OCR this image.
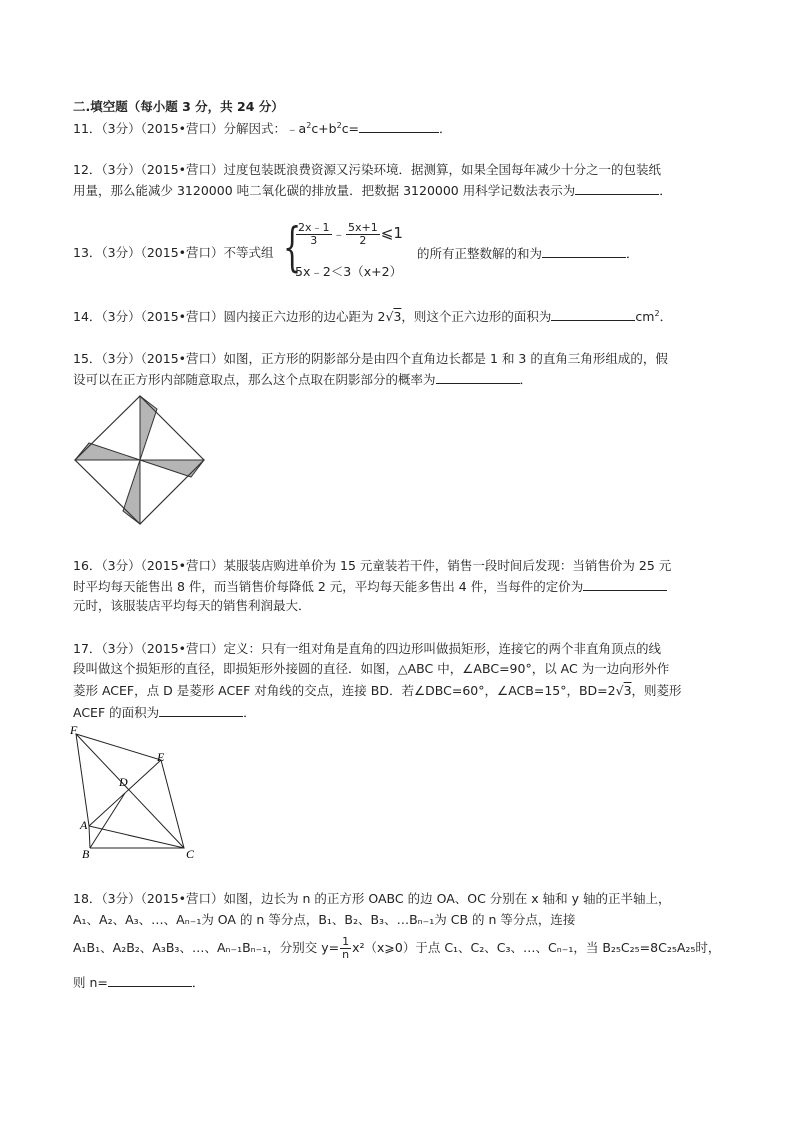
二.填空题（每小题 3 分，共 24 分）
11．（3分）（2015•营口）分解因式：$﹣a^2c+b^2c=$	．
12．（3分）（2015•营口）过度包装既浪费资源又污染环境．据测算，如果全国每年减少十分之一的包装纸
用量，那么能减少 3120000 吨二氧化碳的排放量．把数据 3120000 用科学记数法表示为	．
13．（3分）（2015•营口）不等式组 {
$\frac{2x﹣1}{3}$ ﹣ $\frac{5x+1}{2}$ ⩽1
5x﹣2＜3（x+2）
的所有正整数解的和为	．
14．（3分）（2015•营口）圆内接正六边形的边心距为 2√3，则这个正六边形的面积为	$cm^2$．
15．（3分）（2015•营口）如图，正方形的阴影部分是由四个直角边长都是 1 和 3 的直角三角形组成的，假
设可以在正方形内部随意取点，那么这个点取在阴影部分的概率为	．
16．（3分）（2015•营口）某服装店购进单价为 15 元童装若干件，销售一段时间后发现：当销售价为 25 元
时平均每天能售出 8 件，而当销售价每降低 2 元，平均每天能多售出 4 件，当每件的定价为
元时，该服装店平均每天的销售利润最大．
17．（3分）（2015•营口）定义：只有一组对角是直角的四边形叫做损矩形，连接它的两个非直角顶点的线
段叫做这个损矩形的直径，即损矩形外接圆的直径．如图，△ABC 中，∠ABC=90°，以 AC 为一边向形外作
菱形 ACEF，点 D 是菱形 ACEF 对角线的交点，连接 BD．若∠DBC=60°，∠ACB=15°，BD=2√3，则菱形
ACEF 的面积为	．
F
E
D
A
B	C
18．（3分）（2015•营口）如图，边长为 n 的正方形 OABC 的边 OA、OC 分别在 x 轴和 y 轴的正半轴上，
A₁、A₂、A₃、…、Aₙ₋₁为 OA 的 n 等分点，B₁、B₂、B₃、…Bₙ₋₁为 CB 的 n 等分点，连接
A₁B₁、A₂B₂、A₃B₃、…、Aₙ₋₁Bₙ₋₁，分别交 $y= \frac{1}{n}$ x²（x⩾0）于点 C₁、C₂、C₃、…、Cₙ₋₁，当 B₂₅C₂₅=8C₂₅A₂₅时，
则 n=	．
